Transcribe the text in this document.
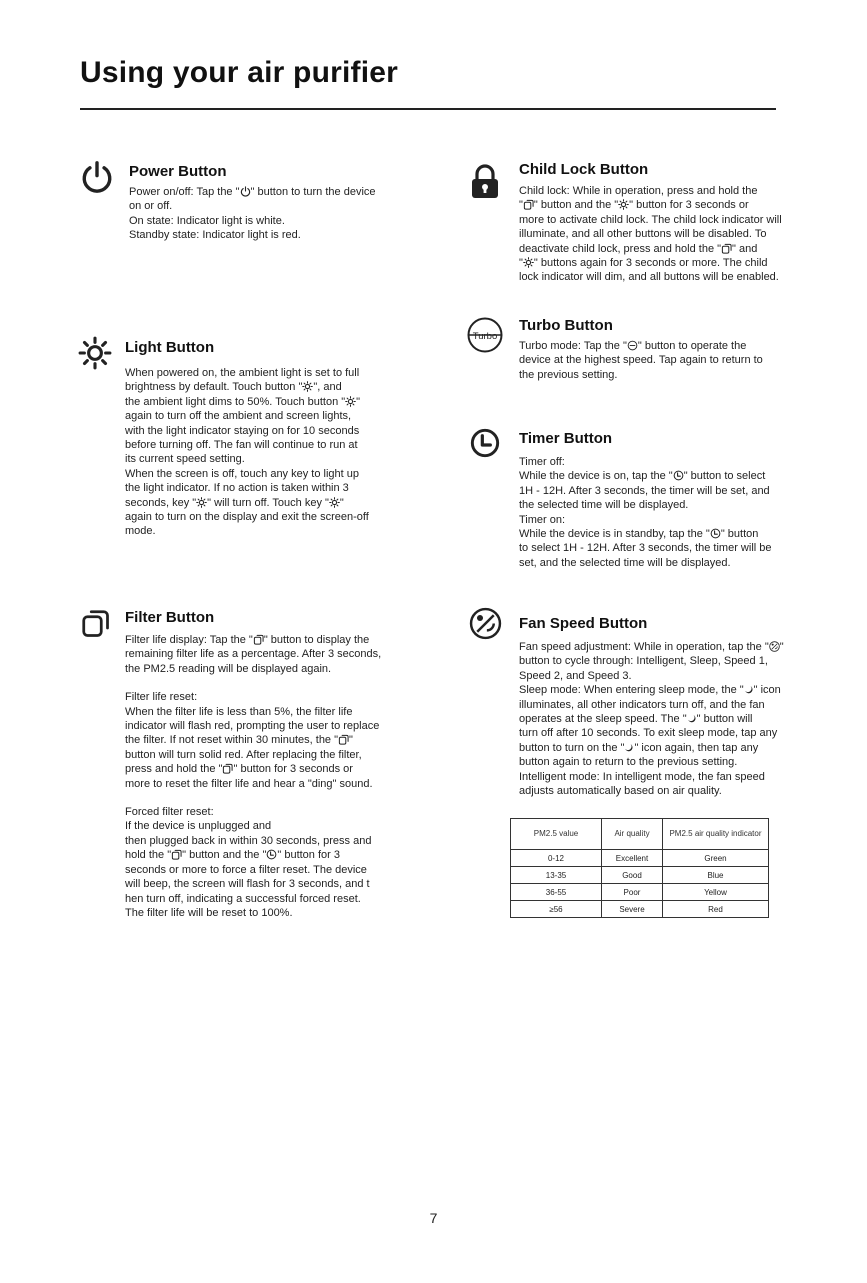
Using your air purifier
Power Button

Power on/off: Tap the " " button to turn the device

on or off.

On state: Indicator light is white.

Standby state: Indicator light is red.

Child Lock Button

Child lock: While in operation, press and hold the

" " button and the " " button for 3 seconds or

more to activate child lock. The child lock indicator will

illuminate, and all other buttons will be disabled. To

deactivate child lock, press and hold the " " and

" " buttons again for 3 seconds or more. The child

lock indicator will dim, and all buttons will be enabled.

Turbo
Turbo Button

Turbo mode: Tap the " " button to operate the

device at the highest speed. Tap again to return to

the previous setting.

Light Button

When powered on, the ambient light is set to full

brightness by default. Touch button " ", and

the ambient light dims to 50%. Touch button " "

again to turn off the ambient and screen lights,

with the light indicator staying on for 10 seconds

before turning off. The fan will continue to run at

its current speed setting.

When the screen is off, touch any key to light up

the light indicator. If no action is taken within 3

seconds, key " " will turn off. Touch key " "

again to turn on the display and exit the screen-off

mode.

Timer Button

Timer off:

While the device is on, tap the " " button to select

1H - 12H. After 3 seconds, the timer will be set, and

the selected time will be displayed.

Timer on:

While the device is in standby, tap the " " button

to select 1H - 12H. After 3 seconds, the timer will be

set, and the selected time will be displayed.

Filter Button

Filter life display: Tap the " " button to display the

remaining filter life as a percentage. After 3 seconds,

the PM2.5 reading will be displayed again.

Filter life reset:

When the filter life is less than 5%, the filter life

indicator will flash red, prompting the user to replace

the filter. If not reset within 30 minutes, the " "

button will turn solid red. After replacing the filter,

press and hold the " " button for 3 seconds or

more to reset the filter life and hear a "ding" sound.

Forced filter reset:

If the device is unplugged and

then plugged back in within 30 seconds, press and

hold the " " button and the " " button for 3

seconds or more to force a filter reset. The device

will beep, the screen will flash for 3 seconds, and t

hen turn off, indicating a successful forced reset.

The filter life will be reset to 100%.

Fan Speed Button

Fan speed adjustment: While in operation, tap the " "

button to cycle through: Intelligent, Sleep, Speed 1,

Speed 2, and Speed 3.

Sleep mode: When entering sleep mode, the " " icon

illuminates, all other indicators turn off, and the fan

operates at the sleep speed. The " " button will

turn off after 10 seconds. To exit sleep mode, tap any

button to turn on the " " icon again, then tap any

button again to return to the previous setting.

Intelligent mode: In intelligent mode, the fan speed

adjusts automatically based on air quality.

PM2.5 value	Air quality	PM2.5 air quality indicator
0-12	Excellent	Green
13-35	Good	Blue
36-55	Poor	Yellow
≥56	Severe	Red
7
